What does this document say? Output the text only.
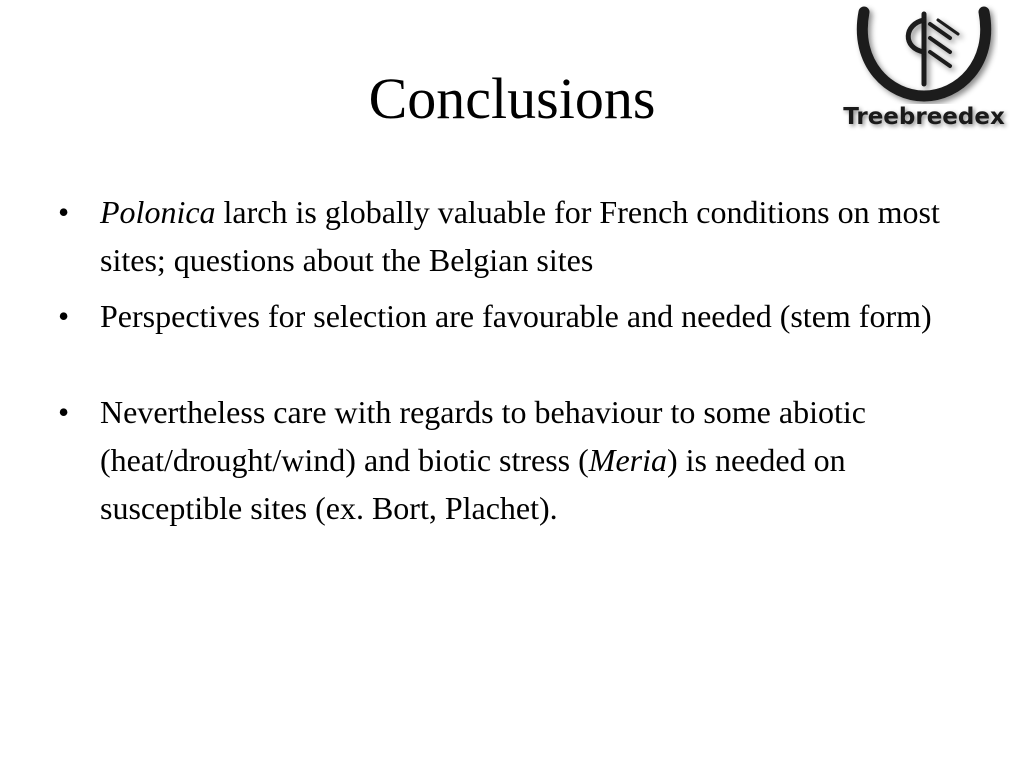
Conclusions	Treebreedex
• Polonica larch is globally valuable for French conditions on most sites; questions about the Belgian sites
• Perspectives for selection are favourable and needed (stem form)
• Nevertheless care with regards to behaviour to some abiotic (heat/drought/wind) and biotic stress (Meria) is needed on susceptible sites (ex. Bort, Plachet).
